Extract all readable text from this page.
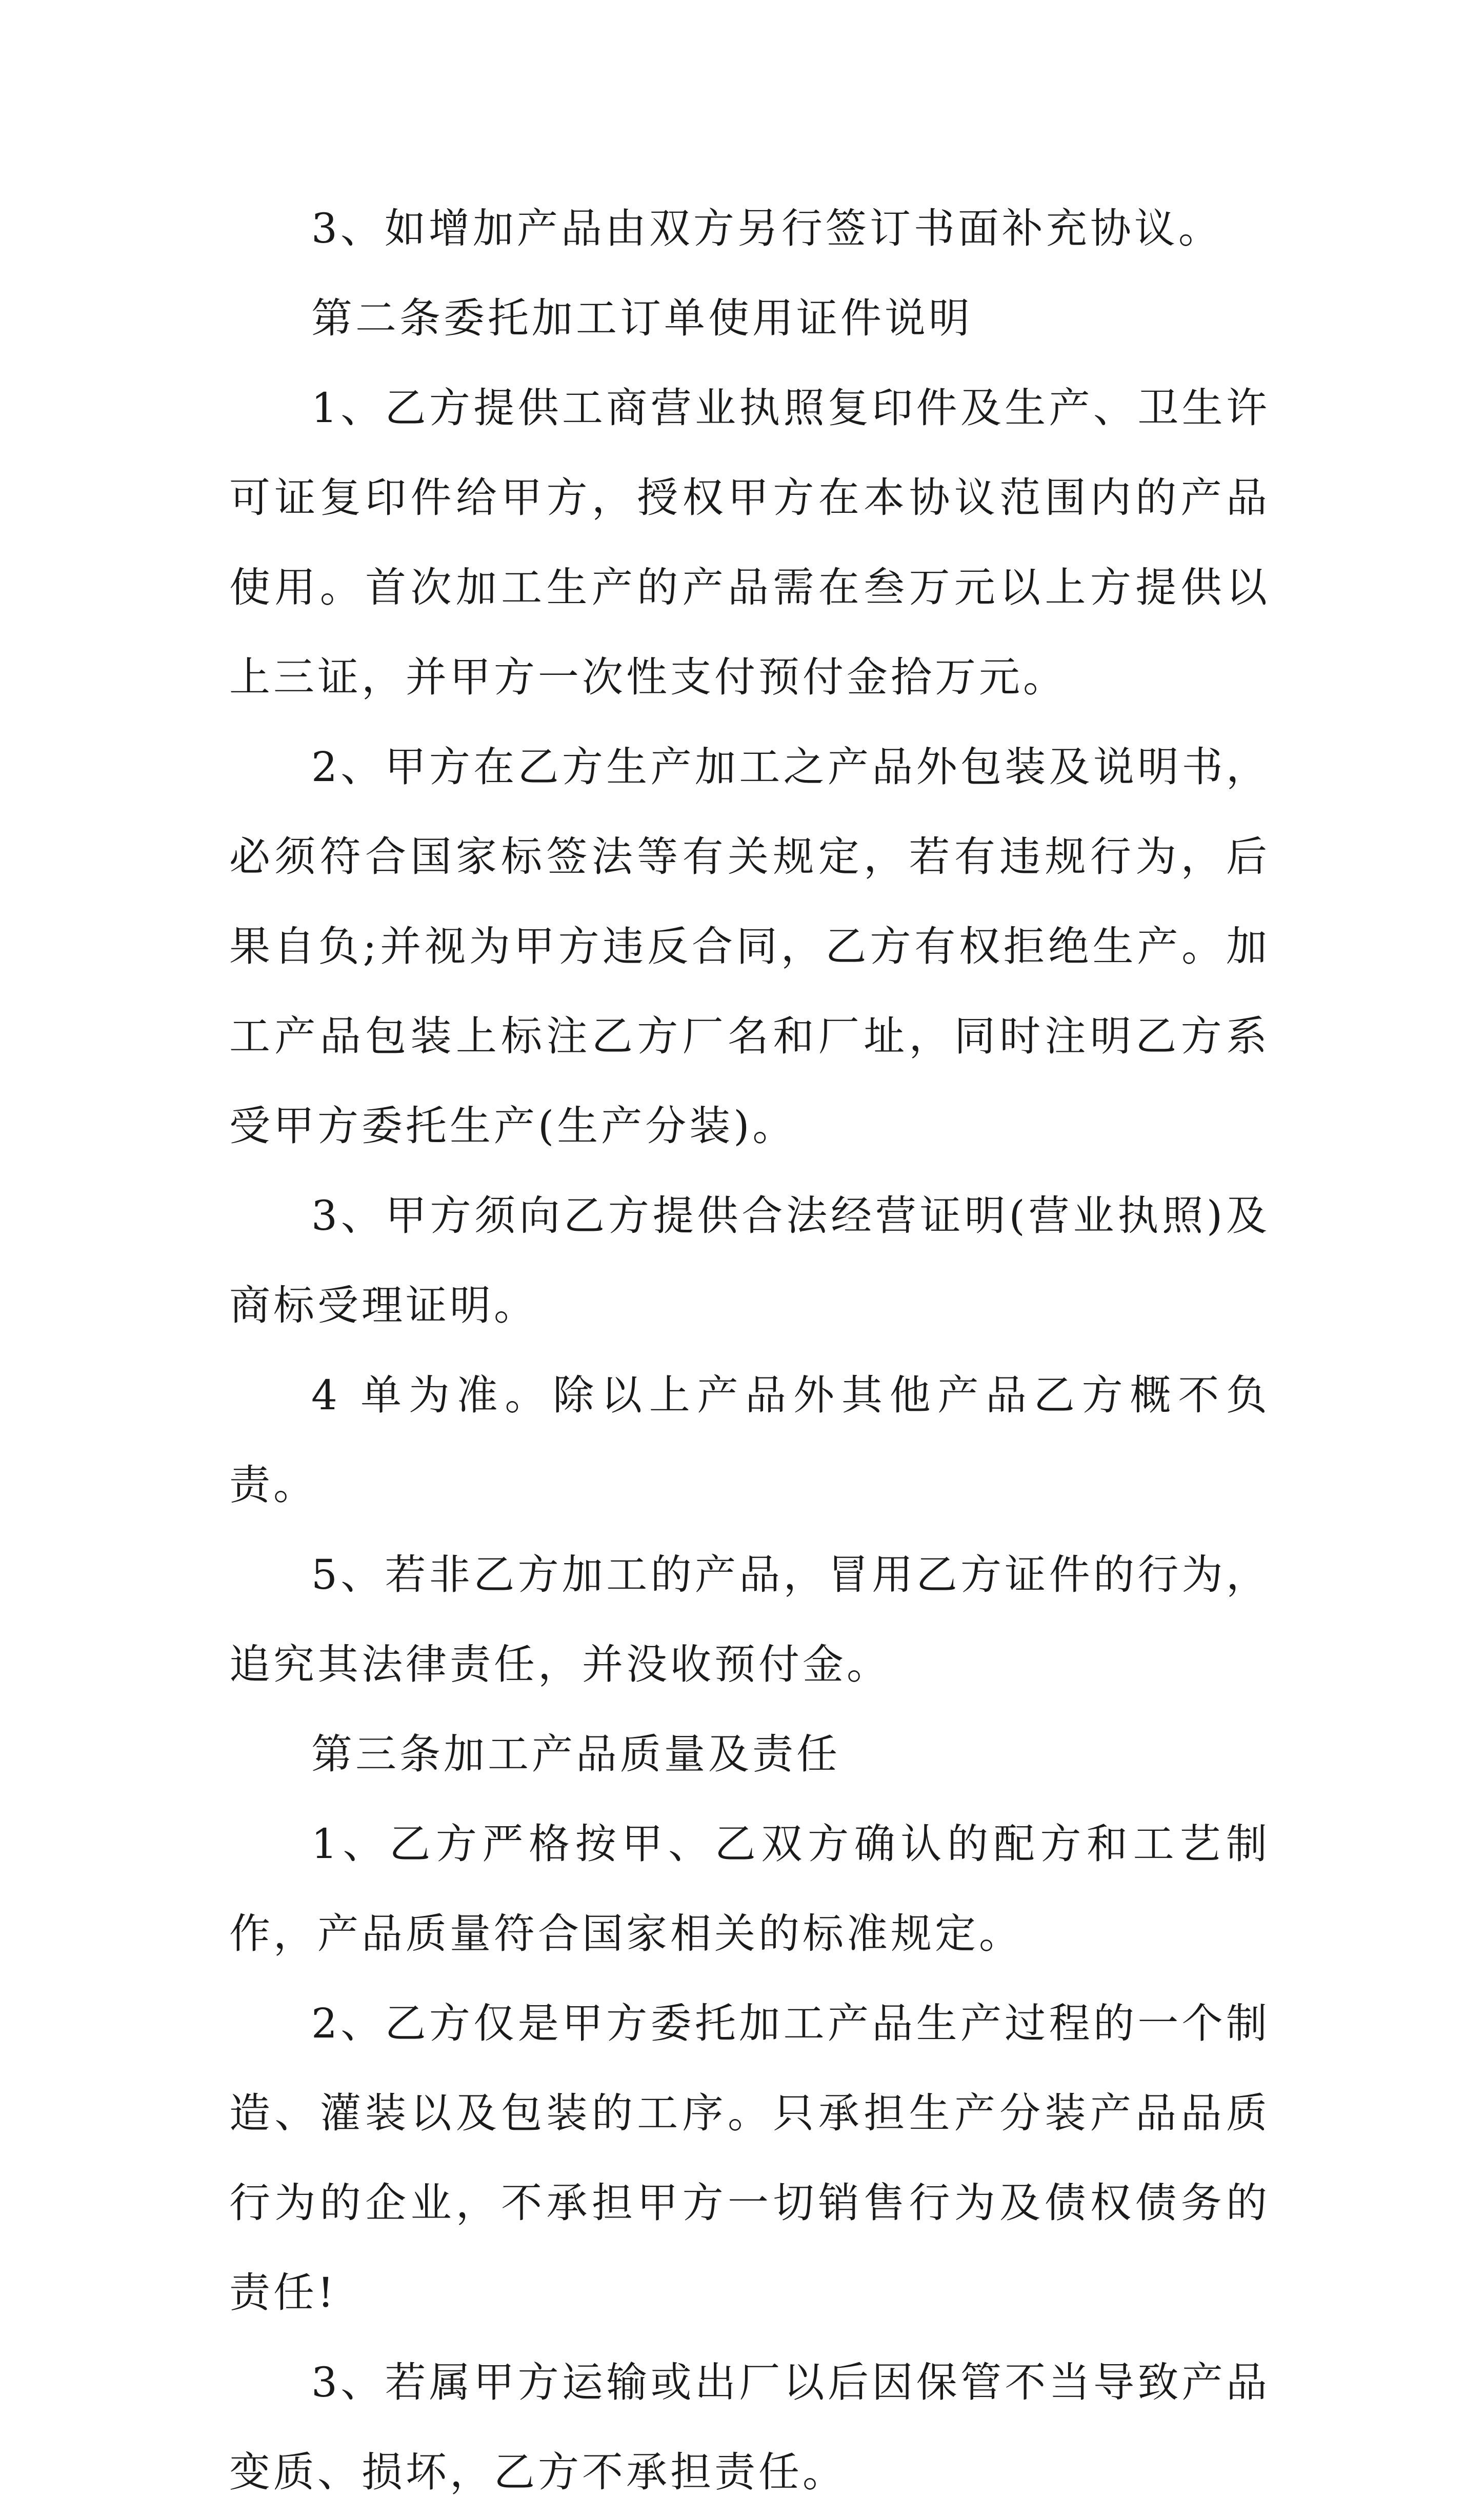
3、如增加产品由双方另行签订书面补充协议。

第二条委托加工订单使用证件说明

1、乙方提供工商营业执照复印件及生产、卫生许可证复印件给甲方，授权甲方在本协议范围内的产品使用。首次加工生产的产品需在叁万元以上方提供以上三证，并甲方一次性支付预付金拾万元。

2、甲方在乙方生产加工之产品外包装及说明书，必须符合国家标签法等有关规定，若有违规行为，后果自负;并视为甲方违反合同，乙方有权拒绝生产。加工产品包装上标注乙方厂名和厂址，同时注明乙方系受甲方委托生产(生产分装)。

3、甲方须向乙方提供合法经营证明(营业执照)及商标受理证明。

4 单为准。除以上产品外其他产品乙方概不负责。

5、若非乙方加工的产品，冒用乙方证件的行为，追究其法律责任，并没收预付金。

第三条加工产品质量及责任

1、乙方严格按甲、乙双方确认的配方和工艺制作，产品质量符合国家相关的标准规定。

2、乙方仅是甲方委托加工产品生产过程的一个制造、灌装以及包装的工序。只承担生产分装产品品质行为的企业，不承担甲方一切销售行为及债权债务的责任!

3、若属甲方运输或出厂以后因保管不当导致产品变质、损坏，乙方不承担责任。
